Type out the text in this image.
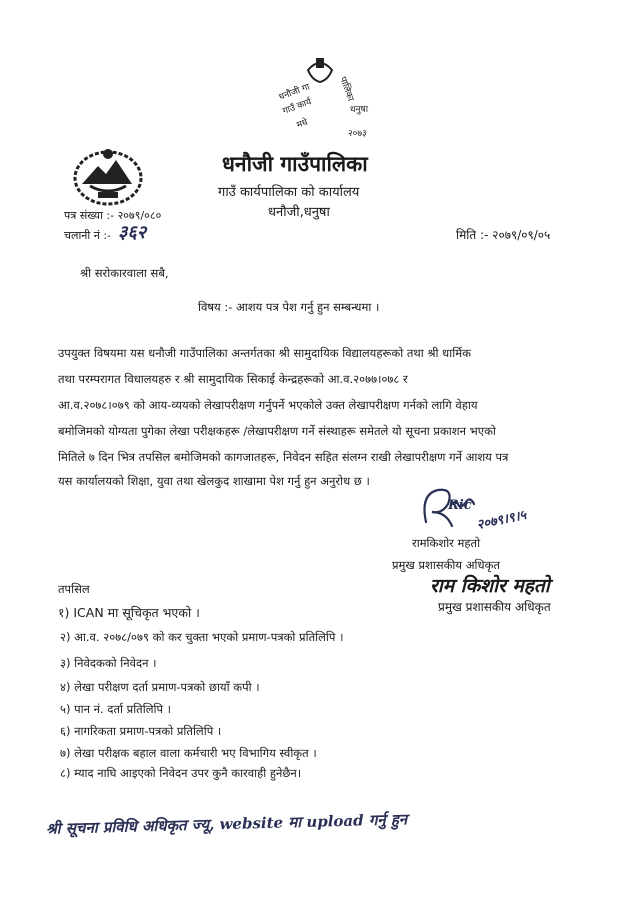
धनौजी गा
गाउँ कार्य
मधे
पालिका
धनुषा
२०७३
धनौजी गाउँपालिका
गाउँ कार्यपालिका को कार्यालय
धनौजी,धनुषा
पत्र संख्या :- २०७९/०८०
चलानी नं :- ३६२	मिति :- २०७९/०९/०५
श्री सरोकारवाला सबै,
विषय :- आशय पत्र पेश गर्नु हुन सम्बन्धमा ।
उपयुक्त विषयमा यस धनौजी गाउँपालिका अन्तर्गतका श्री सामुदायिक विद्यालयहरूको तथा श्री धार्मिक
तथा परम्परागत विधालयहरु र श्री सामुदायिक सिकाई केन्द्रहरूको आ.व.२०७७।०७८ र
आ.व.२०७८।०७९ को आय-व्ययको लेखापरीक्षण गर्नुपर्ने भएकोले उक्त लेखापरीक्षण गर्नको लागि वेहाय
बमोजिमको योग्यता पुगेका लेखा परीक्षकहरू /लेखापरीक्षण गर्ने संस्थाहरू समेतले यो सूचना प्रकाशन भएको
मितिले ७ दिन भित्र तपसिल बमोजिमको कागजातहरू, निवेदन सहित संलग्न राखी लेखापरीक्षण गर्ने आशय पत्र
यस कार्यालयको शिक्षा, युवा तथा खेलकुद शाखामा पेश गर्नु हुन अनुरोध छ ।
Ric
२०७९।९।५
रामकिशोर महतो
प्रमुख प्रशासकीय अधिकृत
राम किशोर महतो
प्रमुख प्रशासकीय अधिकृत
तपसिल
१) ICAN मा सूचिकृत भएको ।
२) आ.व. २०७८/०७९ को कर चुक्ता भएको प्रमाण-पत्रको प्रतिलिपि ।
३) निवेदकको निवेदन ।
४) लेखा परीक्षण दर्ता प्रमाण-पत्रको छायाँ कपी ।
५) पान नं. दर्ता प्रतिलिपि ।
६) नागरिकता प्रमाण-पत्रको प्रतिलिपि ।
७) लेखा परीक्षक बहाल वाला कर्मचारी भए विभागिय स्वीकृत ।
८) म्याद नाघि आइएको निवेदन उपर कुनै कारवाही हुनेछैन।
श्री सूचना प्रविधि अधिकृत ज्यू, website मा upload गर्नु हुन
